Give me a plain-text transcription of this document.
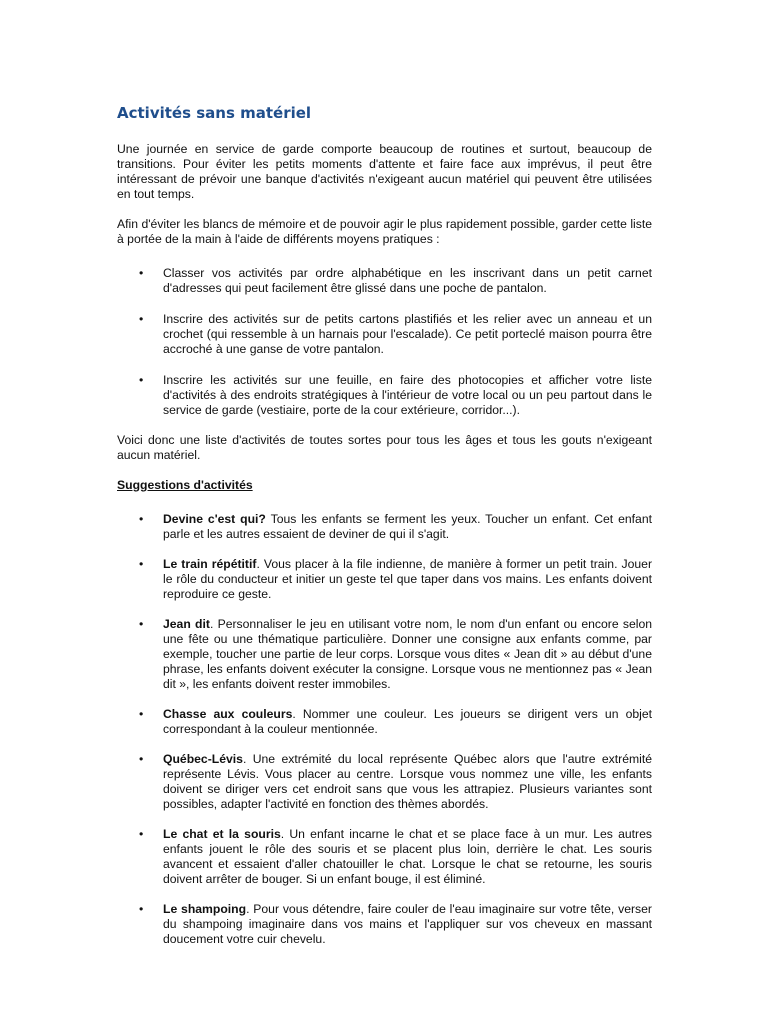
Activités sans matériel

Une journée en service de garde comporte beaucoup de routines et surtout, beaucoup de transitions. Pour éviter les petits moments d'attente et faire face aux imprévus, il peut être intéressant de prévoir une banque d'activités n'exigeant aucun matériel qui peuvent être utilisées en tout temps.

Afin d'éviter les blancs de mémoire et de pouvoir agir le plus rapidement possible, garder cette liste à portée de la main à l'aide de différents moyens pratiques :

• Classer vos activités par ordre alphabétique en les inscrivant dans un petit carnet d'adresses qui peut facilement être glissé dans une poche de pantalon.
• Inscrire des activités sur de petits cartons plastifiés et les relier avec un anneau et un crochet (qui ressemble à un harnais pour l'escalade). Ce petit porteclé maison pourra être accroché à une ganse de votre pantalon.
• Inscrire les activités sur une feuille, en faire des photocopies et afficher votre liste d'activités à des endroits stratégiques à l'intérieur de votre local ou un peu partout dans le service de garde (vestiaire, porte de la cour extérieure, corridor...).

Voici donc une liste d'activités de toutes sortes pour tous les âges et tous les gouts n'exigeant aucun matériel.

Suggestions d'activités
• Devine c'est qui? Tous les enfants se ferment les yeux. Toucher un enfant. Cet enfant parle et les autres essaient de deviner de qui il s'agit.
• Le train répétitif. Vous placer à la file indienne, de manière à former un petit train. Jouer le rôle du conducteur et initier un geste tel que taper dans vos mains. Les enfants doivent reproduire ce geste.
• Jean dit. Personnaliser le jeu en utilisant votre nom, le nom d'un enfant ou encore selon une fête ou une thématique particulière. Donner une consigne aux enfants comme, par exemple, toucher une partie de leur corps. Lorsque vous dites « Jean dit » au début d'une phrase, les enfants doivent exécuter la consigne. Lorsque vous ne mentionnez pas « Jean dit », les enfants doivent rester immobiles.
• Chasse aux couleurs. Nommer une couleur. Les joueurs se dirigent vers un objet correspondant à la couleur mentionnée.
• Québec-Lévis. Une extrémité du local représente Québec alors que l'autre extrémité représente Lévis. Vous placer au centre. Lorsque vous nommez une ville, les enfants doivent se diriger vers cet endroit sans que vous les attrapiez. Plusieurs variantes sont possibles, adapter l'activité en fonction des thèmes abordés.
• Le chat et la souris. Un enfant incarne le chat et se place face à un mur. Les autres enfants jouent le rôle des souris et se placent plus loin, derrière le chat. Les souris avancent et essaient d'aller chatouiller le chat. Lorsque le chat se retourne, les souris doivent arrêter de bouger. Si un enfant bouge, il est éliminé.
• Le shampoing. Pour vous détendre, faire couler de l'eau imaginaire sur votre tête, verser du shampoing imaginaire dans vos mains et l'appliquer sur vos cheveux en massant doucement votre cuir chevelu.
